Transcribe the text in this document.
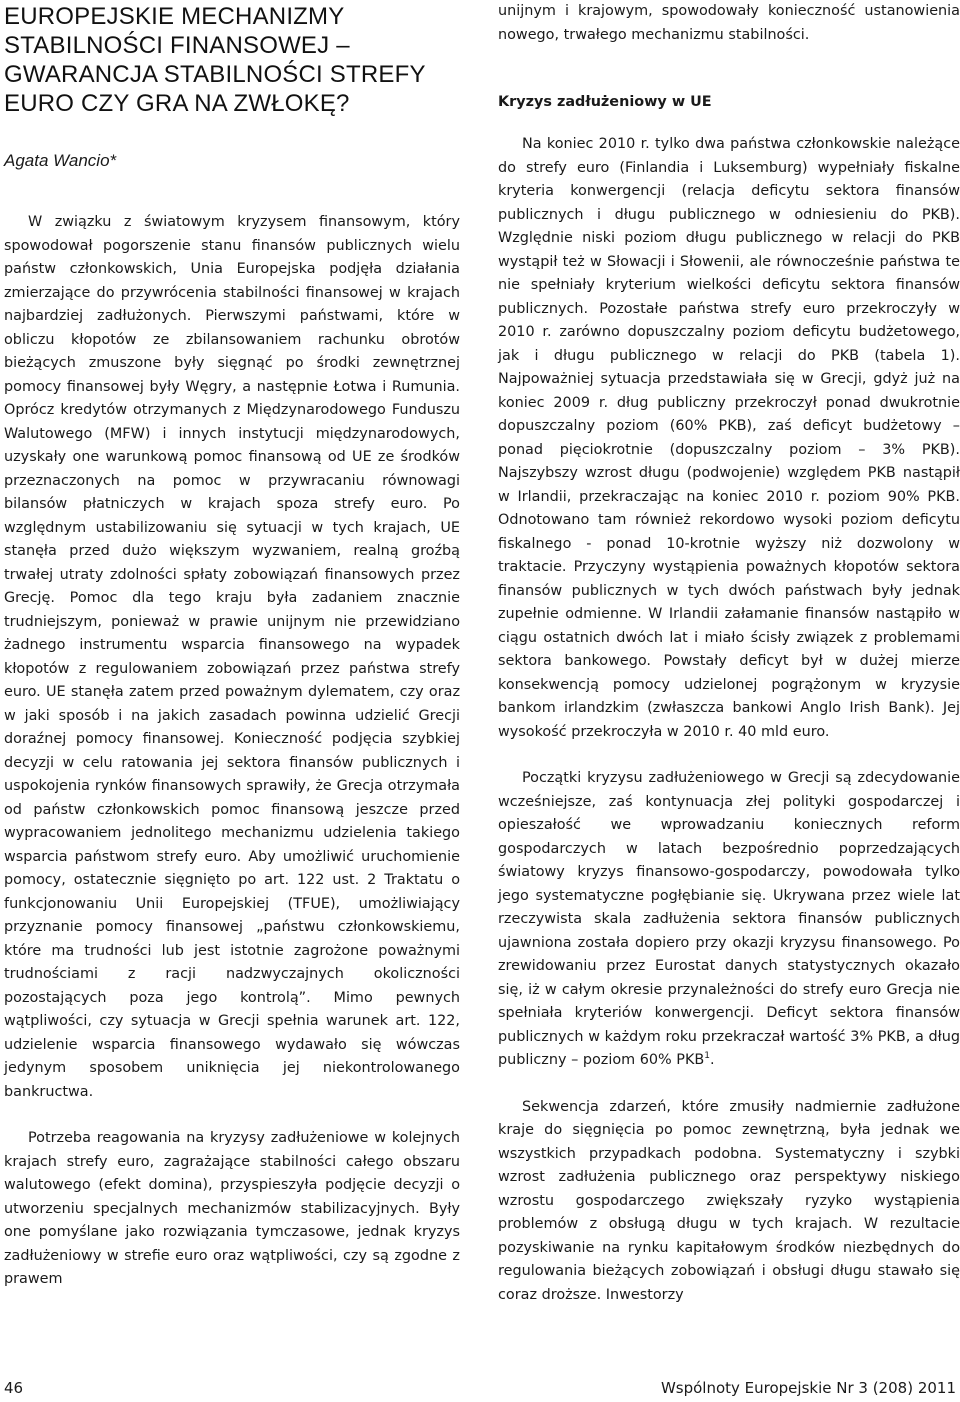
EUROPEJSKIE MECHANIZMY STABILNOŚCI FINANSOWEJ – GWARANCJA STABILNOŚCI STREFY EURO CZY GRA NA ZWŁOKĘ?

Agata Wancio*

W związku z światowym kryzysem finansowym, który spowodował pogorszenie stanu finansów publicznych wielu państw członkowskich, Unia Europejska podjęła działania zmierzające do przywrócenia stabilności finansowej w krajach najbardziej zadłużonych. Pierwszymi państwami, które w obliczu kłopotów ze zbilansowaniem rachunku obrotów bieżących zmuszone były sięgnąć po środki zewnętrznej pomocy finansowej były Węgry, a następnie Łotwa i Rumunia. Oprócz kredytów otrzymanych z Międzynarodowego Funduszu Walutowego (MFW) i innych instytucji międzynarodowych, uzyskały one warunkową pomoc finansową od UE ze środków przeznaczonych na pomoc w przywracaniu równowagi bilansów płatniczych w krajach spoza strefy euro. Po względnym ustabilizowaniu się sytuacji w tych krajach, UE stanęła przed dużo większym wyzwaniem, realną groźbą trwałej utraty zdolności spłaty zobowiązań finansowych przez Grecję. Pomoc dla tego kraju była zadaniem znacznie trudniejszym, ponieważ w prawie unijnym nie przewidziano żadnego instrumentu wsparcia finansowego na wypadek kłopotów z regulowaniem zobowiązań przez państwa strefy euro. UE stanęła zatem przed poważnym dylematem, czy oraz w jaki sposób i na jakich zasadach powinna udzielić Grecji doraźnej pomocy finansowej. Konieczność podjęcia szybkiej decyzji w celu ratowania jej sektora finansów publicznych i uspokojenia rynków finansowych sprawiły, że Grecja otrzymała od państw członkowskich pomoc finansową jeszcze przed wypracowaniem jednolitego mechanizmu udzielenia takiego wsparcia państwom strefy euro. Aby umożliwić uruchomienie pomocy, ostatecznie sięgnięto po art. 122 ust. 2 Traktatu o funkcjonowaniu Unii Europejskiej (TFUE), umożliwiający przyznanie pomocy finansowej „państwu członkowskiemu, które ma trudności lub jest istotnie zagrożone poważnymi trudnościami z racji nadzwyczajnych okoliczności pozostających poza jego kontrolą”. Mimo pewnych wątpliwości, czy sytuacja w Grecji spełnia warunek art. 122, udzielenie wsparcia finansowego wydawało się wówczas jedynym sposobem uniknięcia jej niekontrolowanego bankructwa.

Potrzeba reagowania na kryzysy zadłużeniowe w kolejnych krajach strefy euro, zagrażające stabilności całego obszaru walutowego (efekt domina), przyspieszyła podjęcie decyzji o utworzeniu specjalnych mechanizmów stabilizacyjnych. Były one pomyślane jako rozwiązania tymczasowe, jednak kryzys zadłużeniowy w strefie euro oraz wątpliwości, czy są zgodne z prawem

unijnym i krajowym, spowodowały konieczność ustanowienia nowego, trwałego mechanizmu stabilności.

Kryzys zadłużeniowy w UE

Na koniec 2010 r. tylko dwa państwa członkowskie należące do strefy euro (Finlandia i Luksemburg) wypełniały fiskalne kryteria konwergencji (relacja deficytu sektora finansów publicznych i długu publicznego w odniesieniu do PKB). Względnie niski poziom długu publicznego w relacji do PKB wystąpił też w Słowacji i Słowenii, ale równocześnie państwa te nie spełniały kryterium wielkości deficytu sektora finansów publicznych. Pozostałe państwa strefy euro przekroczyły w 2010 r. zarówno dopuszczalny poziom deficytu budżetowego, jak i długu publicznego w relacji do PKB (tabela 1). Najpoważniej sytuacja przedstawiała się w Grecji, gdyż już na koniec 2009 r. dług publiczny przekroczył ponad dwukrotnie dopuszczalny poziom (60% PKB), zaś deficyt budżetowy – ponad pięciokrotnie (dopuszczalny poziom – 3% PKB). Najszybszy wzrost długu (podwojenie) względem PKB nastąpił w Irlandii, przekraczając na koniec 2010 r. poziom 90% PKB. Odnotowano tam również rekordowo wysoki poziom deficytu fiskalnego - ponad 10-krotnie wyższy niż dozwolony w traktacie. Przyczyny wystąpienia poważnych kłopotów sektora finansów publicznych w tych dwóch państwach były jednak zupełnie odmienne. W Irlandii załamanie finansów nastąpiło w ciągu ostatnich dwóch lat i miało ścisły związek z problemami sektora bankowego. Powstały deficyt był w dużej mierze konsekwencją pomocy udzielonej pogrążonym w kryzysie bankom irlandzkim (zwłaszcza bankowi Anglo Irish Bank). Jej wysokość przekroczyła w 2010 r. 40 mld euro.

Początki kryzysu zadłużeniowego w Grecji są zdecydowanie wcześniejsze, zaś kontynuacja złej polityki gospodarczej i opieszałość we wprowadzaniu koniecznych reform gospodarczych w latach bezpośrednio poprzedzających światowy kryzys finansowo-gospodarczy, powodowała tylko jego systematyczne pogłębianie się. Ukrywana przez wiele lat rzeczywista skala zadłużenia sektora finansów publicznych ujawniona została dopiero przy okazji kryzysu finansowego. Po zrewidowaniu przez Eurostat danych statystycznych okazało się, iż w całym okresie przynależności do strefy euro Grecja nie spełniała kryteriów konwergencji. Deficyt sektora finansów publicznych w każdym roku przekraczał wartość 3% PKB, a dług publiczny – poziom 60% PKB$^1$.

Sekwencja zdarzeń, które zmusiły nadmiernie zadłużone kraje do sięgnięcia po pomoc zewnętrzną, była jednak we wszystkich przypadkach podobna. Systematyczny i szybki wzrost zadłużenia publicznego oraz perspektywy niskiego wzrostu gospodarczego zwiększały ryzyko wystąpienia problemów z obsługą długu w tych krajach. W rezultacie pozyskiwanie na rynku kapitałowym środków niezbędnych do regulowania bieżących zobowiązań i obsługi długu stawało się coraz droższe. Inwestorzy

46	Wspólnoty Europejskie Nr 3 (208) 2011
